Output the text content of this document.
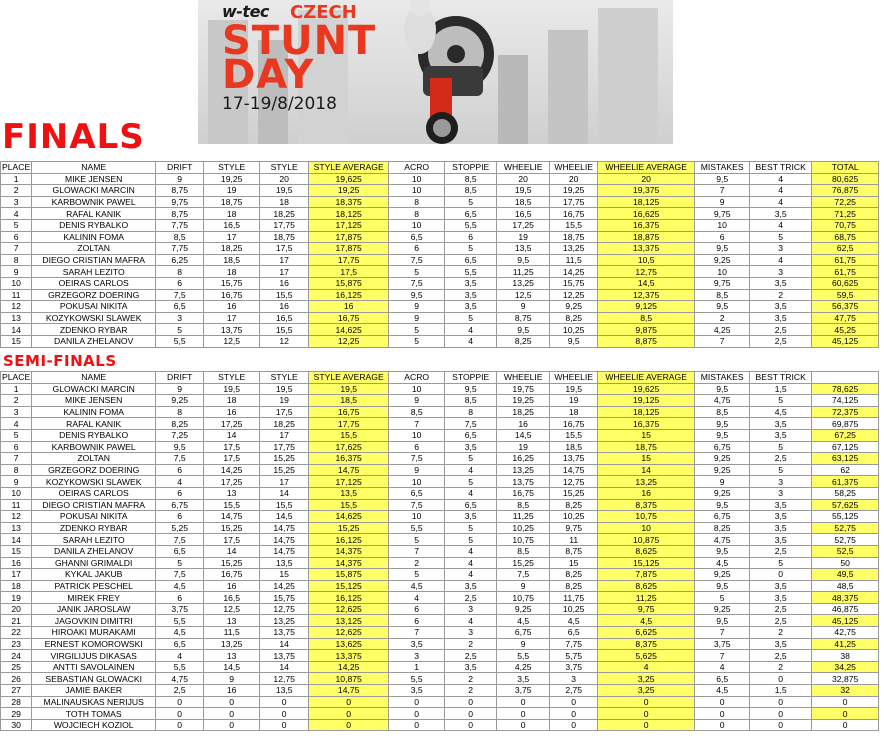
w-tec CZECH
STUNT
DAY
17-19/8/2018
FINALS
PLACE	NAME	DRIFT	STYLE	STYLE	STYLE AVERAGE	ACRO	STOPPIE	WHEELIE	WHEELIE	WHEELIE AVERAGE	MISTAKES	BEST TRICK	TOTAL
1	MIKE JENSEN	9	19,25	20	19,625	10	8,5	20	20	20	9,5	4	80,625
2	GLOWACKI MARCIN	8,75	19	19,5	19,25	10	8,5	19,5	19,25	19,375	7	4	76,875
3	KARBOWNIK PAWEL	9,75	18,75	18	18,375	8	5	18,5	17,75	18,125	9	4	72,25
4	RAFAL KANIK	8,75	18	18,25	18,125	8	6,5	16,5	16,75	16,625	9,75	3,5	71,25
5	DENIS RYBALKO	7,75	16,5	17,75	17,125	10	5,5	17,25	15,5	16,375	10	4	70,75
6	KALININ FOMA	8,5	17	18,75	17,875	6,5	6	19	18,75	18,875	6	5	68,75
7	ZOLTAN	7,75	18,25	17,5	17,875	6	5	13,5	13,25	13,375	9,5	3	62,5
8	DIEGO CRISTIAN MAFRA	6,25	18,5	17	17,75	7,5	6,5	9,5	11,5	10,5	9,25	4	61,75
9	SARAH LEZITO	8	18	17	17,5	5	5,5	11,25	14,25	12,75	10	3	61,75
10	OEIRAS CARLOS	6	15,75	16	15,875	7,5	3,5	13,25	15,75	14,5	9,75	3,5	60,625
11	GRZEGORZ DOERING	7,5	16,75	15,5	16,125	9,5	3,5	12,5	12,25	12,375	8,5	2	59,5
12	POKUSAI NIKITA	6,5	16	16	16	9	3,5	9	9,25	9,125	9,5	3,5	56,375
13	KOZYKOWSKI SLAWEK	3	17	16,5	16,75	9	5	8,75	8,25	8,5	2	3,5	47,75
14	ZDENKO RYBAR	5	13,75	15,5	14,625	5	4	9,5	10,25	9,875	4,25	2,5	45,25
15	DANILA ZHELANOV	5,5	12,5	12	12,25	5	4	8,25	9,5	8,875	7	2,5	45,125
SEMI-FINALS
PLACE	NAME	DRIFT	STYLE	STYLE	STYLE AVERAGE	ACRO	STOPPIE	WHEELIE	WHEELIE	WHEELIE AVERAGE	MISTAKES	BEST TRICK	
1	GLOWACKI MARCIN	9	19,5	19,5	19,5	10	9,5	19,75	19,5	19,625	9,5	1,5	78,625
2	MIKE JENSEN	9,25	18	19	18,5	9	8,5	19,25	19	19,125	4,75	5	74,125
3	KALININ FOMA	8	16	17,5	16,75	8,5	8	18,25	18	18,125	8,5	4,5	72,375
4	RAFAL KANIK	8,25	17,25	18,25	17,75	7	7,5	16	16,75	16,375	9,5	3,5	69,875
5	DENIS RYBALKO	7,25	14	17	15,5	10	6,5	14,5	15,5	15	9,5	3,5	67,25
6	KARBOWNIK PAWEL	9,5	17,5	17,75	17,625	6	3,5	19	18,5	18,75	6,75	5	67,125
7	ZOLTAN	7,5	17,5	15,25	16,375	7,5	5	16,25	13,75	15	9,25	2,5	63,125
8	GRZEGORZ DOERING	6	14,25	15,25	14,75	9	4	13,25	14,75	14	9,25	5	62
9	KOZYKOWSKI SLAWEK	4	17,25	17	17,125	10	5	13,75	12,75	13,25	9	3	61,375
10	OEIRAS CARLOS	6	13	14	13,5	6,5	4	16,75	15,25	16	9,25	3	58,25
11	DIEGO CRISTIAN MAFRA	6,75	15,5	15,5	15,5	7,5	6,5	8,5	8,25	8,375	9,5	3,5	57,625
12	POKUSAI NIKITA	6	14,75	14,5	14,625	10	3,5	11,25	10,25	10,75	6,75	3,5	55,125
13	ZDENKO RYBAR	5,25	15,25	14,75	15,25	5,5	5	10,25	9,75	10	8,25	3,5	52,75
14	SARAH LEZITO	7,5	17,5	14,75	16,125	5	5	10,75	11	10,875	4,75	3,5	52,75
15	DANILA ZHELANOV	6,5	14	14,75	14,375	7	4	8,5	8,75	8,625	9,5	2,5	52,5
16	GHANNI GRIMALDI	5	15,25	13,5	14,375	2	4	15,25	15	15,125	4,5	5	50
17	KYKAL JAKUB	7,5	16,75	15	15,875	5	4	7,5	8,25	7,875	9,25	0	49,5
18	PATRICK PESCHEL	4,5	16	14,25	15,125	4,5	3,5	9	8,25	8,625	9,5	3,5	48,5
19	MIREK FREY	6	16,5	15,75	16,125	4	2,5	10,75	11,75	11,25	5	3,5	48,375
20	JANIK JAROSLAW	3,75	12,5	12,75	12,625	6	3	9,25	10,25	9,75	9,25	2,5	46,875
21	JAGOVKIN DIMITRI	5,5	13	13,25	13,125	6	4	4,5	4,5	4,5	9,5	2,5	45,125
22	HIROAKI MURAKAMI	4,5	11,5	13,75	12,625	7	3	6,75	6,5	6,625	7	2	42,75
23	ERNEST KOMOROWSKI	6,5	13,25	14	13,625	3,5	2	9	7,75	8,375	3,75	3,5	41,25
24	VIRGILIJUS DIKASAS	4	13	13,75	13,375	3	2,5	5,5	5,75	5,625	7	2,5	38
25	ANTTI SAVOLAINEN	5,5	14,5	14	14,25	1	3,5	4,25	3,75	4	4	2	34,25
26	SEBASTIAN GLOWACKI	4,75	9	12,75	10,875	5,5	2	3,5	3	3,25	6,5	0	32,875
27	JAMIE BAKER	2,5	16	13,5	14,75	3,5	2	3,75	2,75	3,25	4,5	1,5	32
28	MALINAUSKAS NERIJUS	0	0	0	0	0	0	0	0	0	0	0	0
29	TOTH TOMAS	0	0	0	0	0	0	0	0	0	0	0	0
30	WOJCIECH KOZIOL	0	0	0	0	0	0	0	0	0	0	0	0
